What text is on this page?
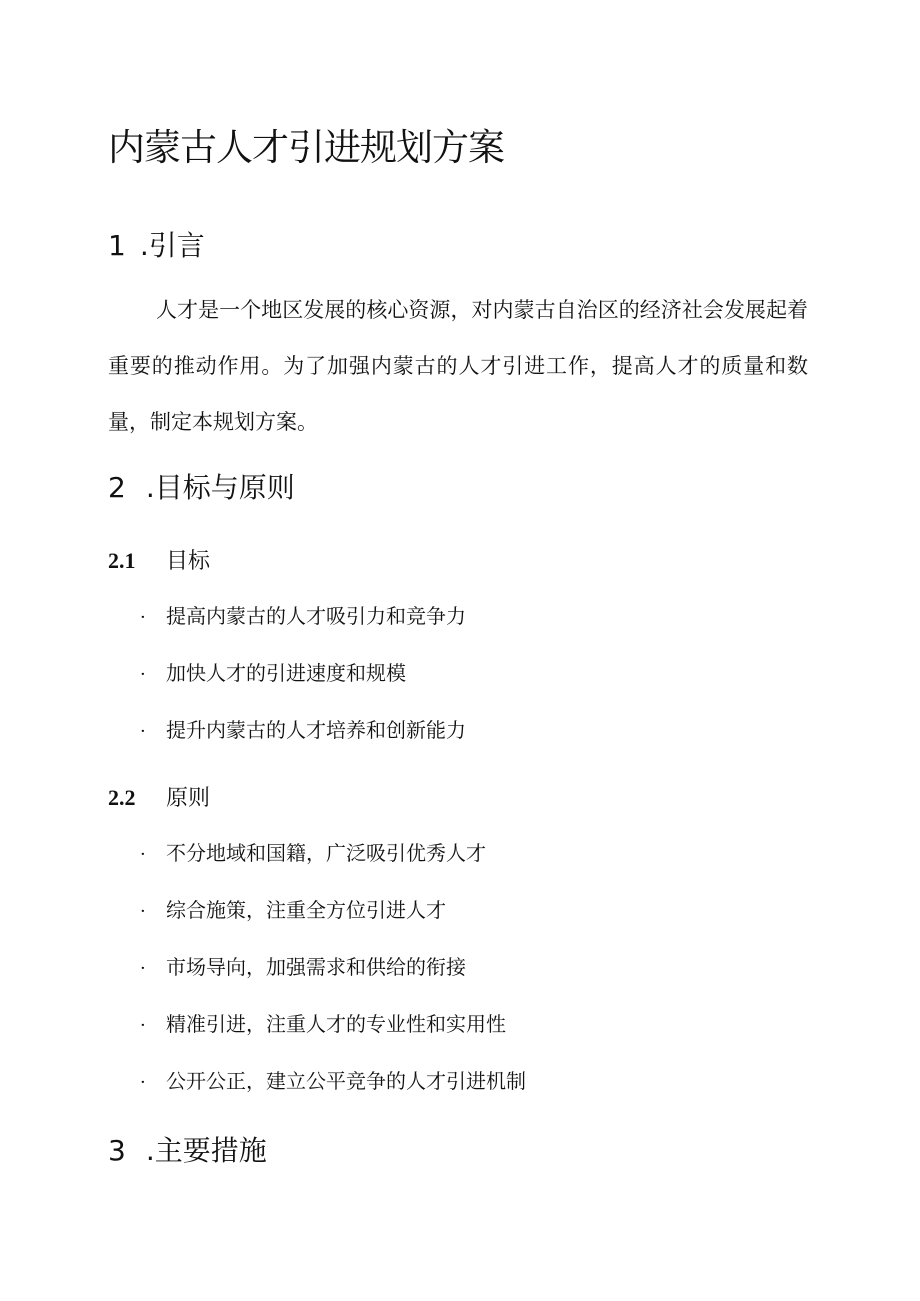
内蒙古人才引进规划方案
1 .引言

人才是一个地区发展的核心资源，对内蒙古自治区的经济社会发展起着重要的推动作用。为了加强内蒙古的人才引进工作，提高人才的质量和数量，制定本规划方案。

2 .目标与原则
2.1 目标
· 提高内蒙古的人才吸引力和竞争力
· 加快人才的引进速度和规模
· 提升内蒙古的人才培养和创新能力
2.2 原则
· 不分地域和国籍，广泛吸引优秀人才
· 综合施策，注重全方位引进人才
· 市场导向，加强需求和供给的衔接
· 精准引进，注重人才的专业性和实用性
· 公开公正，建立公平竞争的人才引进机制
3 .主要措施
